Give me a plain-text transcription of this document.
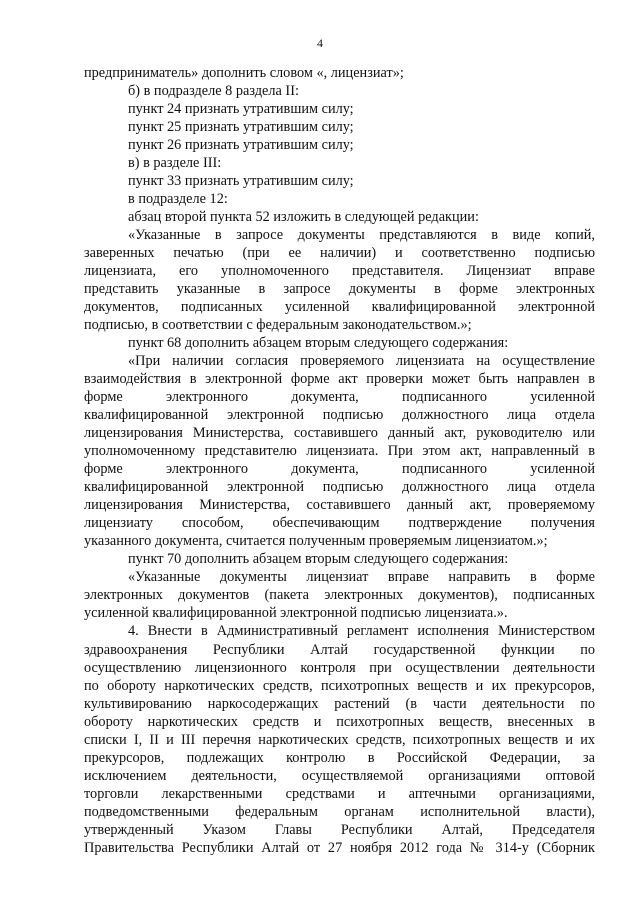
4
предприниматель» дополнить словом «, лицензиат»;
б) в подразделе 8 раздела II:
пункт 24 признать утратившим силу;
пункт 25 признать утратившим силу;
пункт 26 признать утратившим силу;
в) в разделе III:
пункт 33 признать утратившим силу;
в подразделе 12:
абзац второй пункта 52 изложить в следующей редакции:
«Указанные в запросе документы представляются в виде копий,
заверенных печатью (при ее наличии) и соответственно подписью
лицензиата, его уполномоченного представителя. Лицензиат вправе
представить указанные в запросе документы в форме электронных
документов, подписанных усиленной квалифицированной электронной
подписью, в соответствии с федеральным законодательством.»;
пункт 68 дополнить абзацем вторым следующего содержания:
«При наличии согласия проверяемого лицензиата на осуществление
взаимодействия в электронной форме акт проверки может быть направлен в
форме электронного документа, подписанного усиленной
квалифицированной электронной подписью должностного лица отдела
лицензирования Министерства, составившего данный акт, руководителю или
уполномоченному представителю лицензиата. При этом акт, направленный в
форме электронного документа, подписанного усиленной
квалифицированной электронной подписью должностного лица отдела
лицензирования Министерства, составившего данный акт, проверяемому
лицензиату способом, обеспечивающим подтверждение получения
указанного документа, считается полученным проверяемым лицензиатом.»;
пункт 70 дополнить абзацем вторым следующего содержания:
«Указанные документы лицензиат вправе направить в форме
электронных документов (пакета электронных документов), подписанных
усиленной квалифицированной электронной подписью лицензиата.».
4. Внести в Административный регламент исполнения Министерством
здравоохранения Республики Алтай государственной функции по
осуществлению лицензионного контроля при осуществлении деятельности
по обороту наркотических средств, психотропных веществ и их прекурсоров,
культивированию наркосодержащих растений (в части деятельности по
обороту наркотических средств и психотропных веществ, внесенных в
списки I, II и III перечня наркотических средств, психотропных веществ и их
прекурсоров, подлежащих контролю в Российской Федерации, за
исключением деятельности, осуществляемой организациями оптовой
торговли лекарственными средствами и аптечными организациями,
подведомственными федеральным органам исполнительной власти),
утвержденный Указом Главы Республики Алтай, Председателя
Правительства Республики Алтай от 27 ноября 2012 года № 314-у (Сборник
